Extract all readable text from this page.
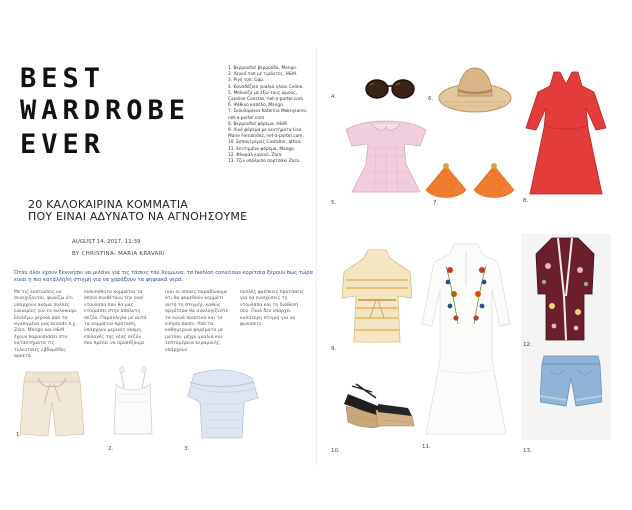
BEST
WARDROBE
EVER
1. Βερμουδα/ βερμούδα, Mango.
2. Λευκό τοπ με τιράντες, H&M.
3. Ριγέ τοπ, Gap.
4. Καναδέζικο γυαλιά ηλίου Celine.
5. Μπλούζα με έξω τους ώμους, Caroline Constas, net-a-porter.com
6. Ψάθινο καπέλο, Mango.
7. Σκουλαρίκια Katerina Makriyianni, net-a-porter.com
8. Βερμουδα/ φόρεμα, H&M.
9. Λινό φόρεμα με κεντήματα Lisa Marie Fernandez, net-a-porter.com.
10. Εσπαντρίγιες Castañer, attica.
11. Κεντημένο φόρεμα, Mango.
12. Φλοραλ κιμονό, Zara.
13. Τζιν υπόλοιπο σορτσάκι Zara.
20 ΚΑΛΟΚΑΙΡΙΝΑ ΚΟΜΜΑΤΙΑ
ΠΟΥ ΕΙΝΑΙ ΑΔΥΝΑΤΟ ΝΑ ΑΓΝΟΗΣΟΥΜΕ
AUGUST 14, 2017, 11:39
BY CHRISTINA- MARIA KRAVARI
Όταν όλοι έχουν ξεκινήσει να μιλάνε για τις τάσεις του Χειμώνα, τα fashion conscious κορίτσια ξέρουν πως τώρα είναι η πιο κατάλληλη στιγμή για να χαράξουν τα ψηφιακά νερά.
Με τις εκπτώσεις να συνεχίζονται, ψωνίζω ότι υπάρχουν ακόμα πολλές ευκαιρίες για το καλοκαίρι. Επιλέγω μερικά από τα αγαπημένα μας brands π.χ. Zara, Mango και H&M έχουν παρουσιάσει στα καταστήματα τις τελευταίες εβδομάδες αρκετά
πολυπόθητα κομμάτια τα οποία συνθέτουν την cool ντουλάπα που θα μας ετοιμάσει στην απόλυτη σεζόν. Παράλληλα με αυτά τα κομμάτια-πρόταση, υπάρχουν μερικές ακόμη επιλογές της νέας σεζόν που πρέπει να προσέξουμε
(και οι οποίες παραδίνουμε ότι θα φορεθούν κομμάτι αυτή τη στιγμή), καθώς αργότερα θα αναλογίζεστε τα κοινά ποιοτικά και τα simple boots. Από τα καθημερινά φορέματα με ματάκι, μέχρι γυαλιά και λεπτομέρεια κεραμικής, υπάρχουν
πολλές φρέσκιες προτάσεις για να ενισχύσεις τη ντουλάπα και τη διάθεσή σου. Ποιό δεν υπάρχει καλύτερη στιγμή για να ψωνίσετε.
1.
2.	3.
4.	6.
8.
5.	7.
9.
11.
10.
12.
13.
